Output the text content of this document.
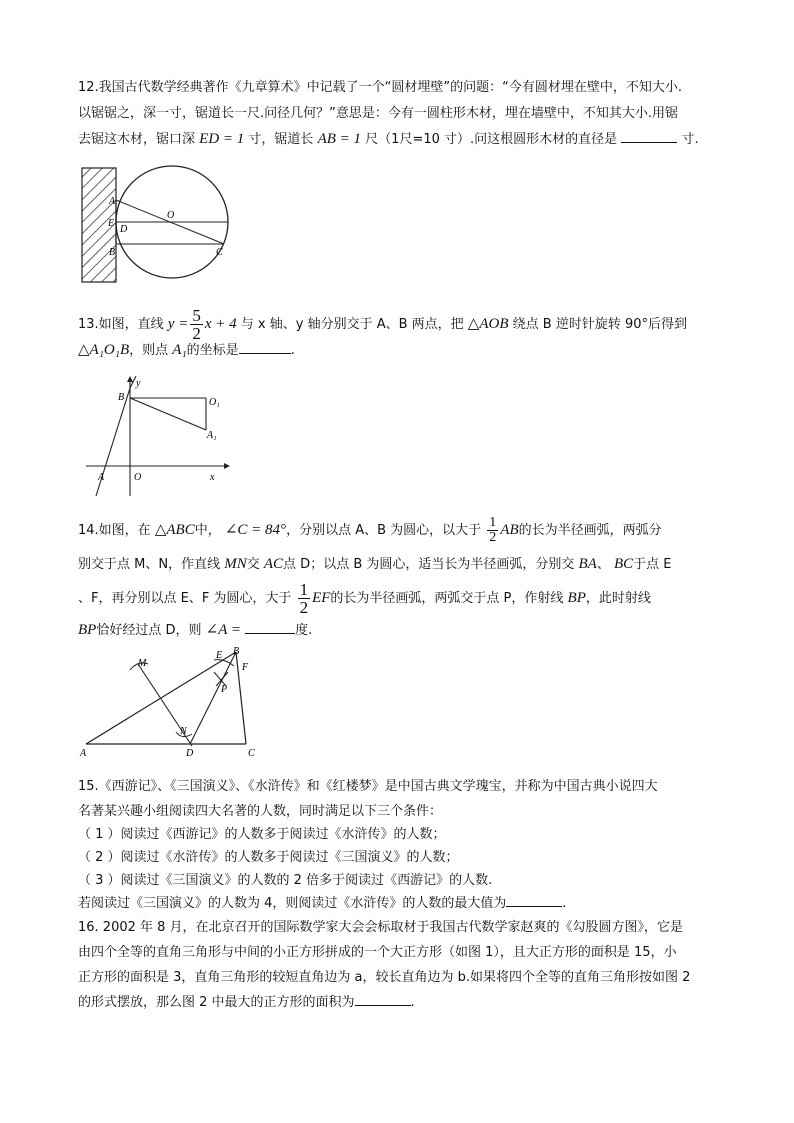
12.我国古代数学经典著作《九章算术》中记载了一个“圆材埋壁”的问题：“今有圆材埋在壁中，不知大小.
以锯锯之，深一寸，锯道长一尺.问径几何？”意思是：今有一圆柱形木材，埋在墙壁中，不知其大小.用锯
去锯这木材，锯口深 ED = 1 寸，锯道长 AB = 1 尺（1尺=10 寸）.问这根圆形木材的直径是	寸.
A
E
D
B
O
C
13.如图，直线 $y = \frac{5}{2}$ x + 4 与 x 轴、y 轴分别交于 A、B 两点，把 △AOB 绕点 B 逆时针旋转 90°后得到
△A₁O₁B，则点 A₁的坐标是	.
y
B	O₁
A₁
A	O	x
14.如图，在 △ABC中， ∠C = 84°，分别以点 A、B 为圆心，以大于 $\frac{1}{2}$ AB的长为半径画弧，两弧分
别交于点 M、N，作直线 MN交 AC点 D；以点 B 为圆心，适当长为半径画弧，分别交 BA、 BC于点 E
、F，再分别以点 E、F 为圆心，大于 $\frac{1}{2}$ EF的长为半径画弧，两弧交于点 P，作射线 BP，此时射线
BP恰好经过点 D，则 ∠A =	度.
M
E B
F
P
N
A	D	C
15.《西游记》、《三国演义》、《水浒传》和《红楼梦》是中国古典文学瑰宝，并称为中国古典小说四大
名著某兴趣小组阅读四大名著的人数，同时满足以下三个条件：
（ 1 ）阅读过《西游记》的人数多于阅读过《水浒传》的人数；
（ 2 ）阅读过《水浒传》的人数多于阅读过《三国演义》的人数；
（ 3 ）阅读过《三国演义》的人数的 2 倍多于阅读过《西游记》的人数.
若阅读过《三国演义》的人数为 4，则阅读过《水浒传》的人数的最大值为	.
16. 2002 年 8 月，在北京召开的国际数学家大会会标取材于我国古代数学家赵爽的《勾股圆方图》，它是
由四个全等的直角三角形与中间的小正方形拼成的一个大正方形（如图 1），且大正方形的面积是 15，小
正方形的面积是 3，直角三角形的较短直角边为 a，较长直角边为 b.如果将四个全等的直角三角形按如图 2
的形式摆放，那么图 2 中最大的正方形的面积为	.
